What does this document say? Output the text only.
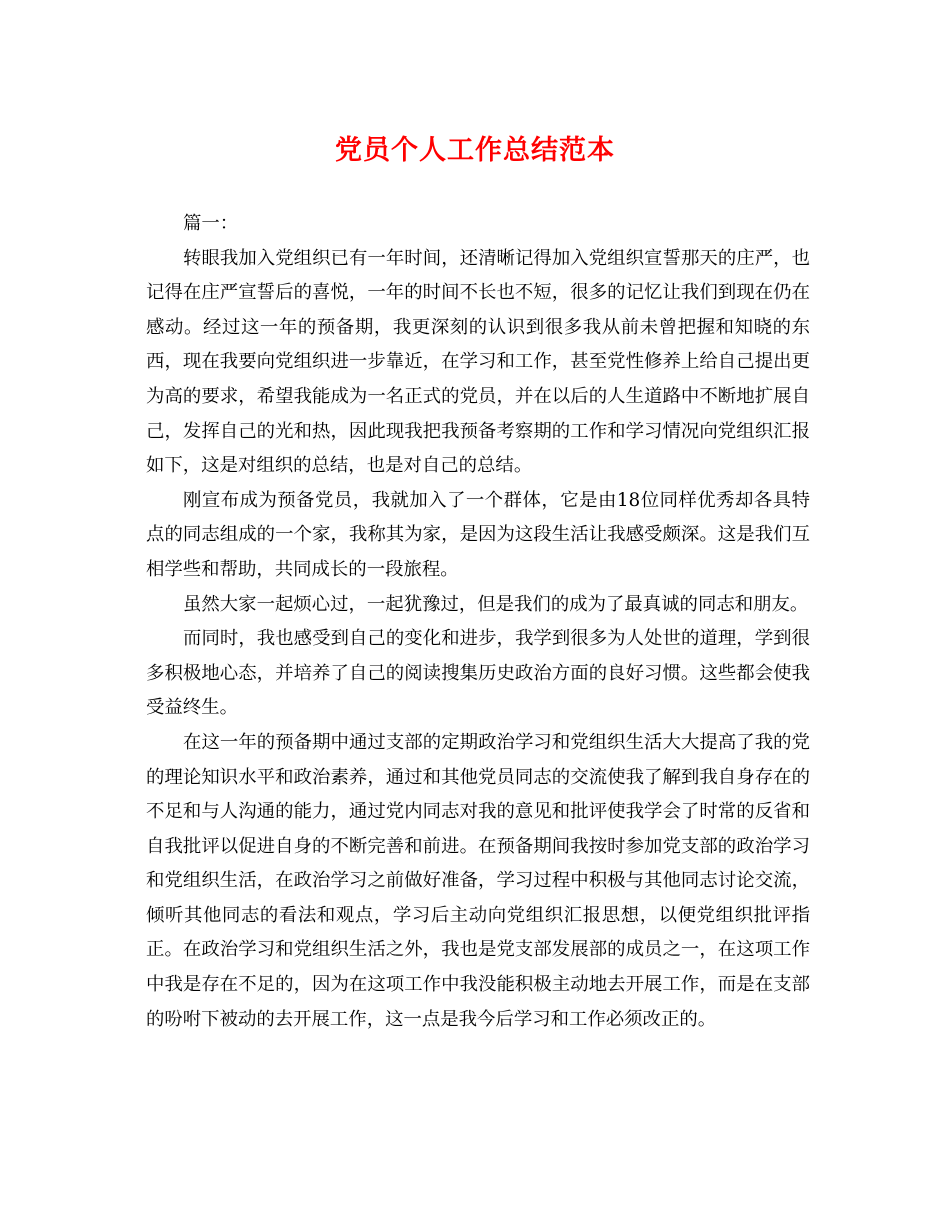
党员个人工作总结范本

篇一：

转眼我加入党组织已有一年时间，还清晰记得加入党组织宣誓那天的庄严，也记得在庄严宣誓后的喜悦，一年的时间不长也不短，很多的记忆让我们到现在仍在感动。经过这一年的预备期，我更深刻的认识到很多我从前未曾把握和知晓的东西，现在我要向党组织进一步靠近，在学习和工作，甚至党性修养上给自己提出更为高的要求，希望我能成为一名正式的党员，并在以后的人生道路中不断地扩展自己，发挥自己的光和热，因此现我把我预备考察期的工作和学习情况向党组织汇报如下，这是对组织的总结，也是对自己的总结。

刚宣布成为预备党员，我就加入了一个群体，它是由18位同样优秀却各具特点的同志组成的一个家，我称其为家，是因为这段生活让我感受颇深。这是我们互相学些和帮助，共同成长的一段旅程。

虽然大家一起烦心过，一起犹豫过，但是我们的成为了最真诚的同志和朋友。

而同时，我也感受到自己的变化和进步，我学到很多为人处世的道理，学到很多积极地心态，并培养了自己的阅读搜集历史政治方面的良好习惯。这些都会使我受益终生。

在这一年的预备期中通过支部的定期政治学习和党组织生活大大提高了我的党的理论知识水平和政治素养，通过和其他党员同志的交流使我了解到我自身存在的不足和与人沟通的能力，通过党内同志对我的意见和批评使我学会了时常的反省和自我批评以促进自身的不断完善和前进。在预备期间我按时参加党支部的政治学习和党组织生活，在政治学习之前做好准备，学习过程中积极与其他同志讨论交流，倾听其他同志的看法和观点，学习后主动向党组织汇报思想，以便党组织批评指正。在政治学习和党组织生活之外，我也是党支部发展部的成员之一，在这项工作中我是存在不足的，因为在这项工作中我没能积极主动地去开展工作，而是在支部的吩咐下被动的去开展工作，这一点是我今后学习和工作必须改正的。
